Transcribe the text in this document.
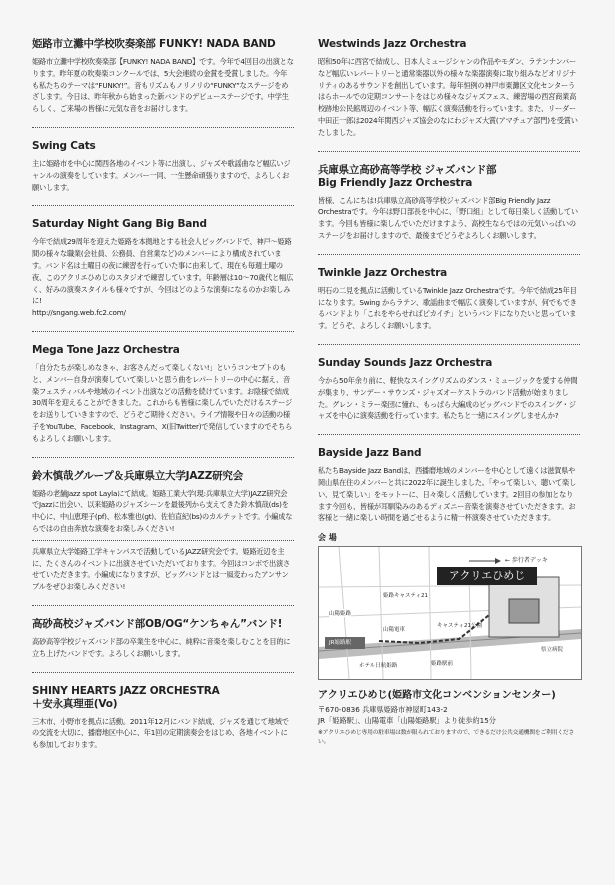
姫路市立灘中学校吹奏楽部 FUNKY! NADA BAND

姫路市立灘中学校吹奏楽部【FUNKY! NADA BAND】です。今年で4回目の出演となります。昨年夏の吹奏楽コンクールでは、5大会連続の金賞を受賞しました。今年も私たちのテーマは“FUNKY!”。音もリズムもノリノリの“FUNKY”なステージをめざします。今日は、昨年秋から始まった新バンドのデビューステージです。中学生らしく、ご来場の皆様に元気な音をお届けします。

Swing Cats

主に姫路市を中心に関西各地のイベント等に出演し、ジャズや歌謡曲など幅広いジャンルの演奏をしています。メンバー一同、一生懸命頑張りますので、よろしくお願いします。

Saturday Night Gang Big Band

今年で結成29周年を迎えた姫路を本拠地とする社会人ビッグバンドで、神戸〜姫路間の様々な職業(会社員、公務員、自営業など)のメンバーにより構成されています。バンド名は土曜日の夜に練習を行っていた事に由来して、現在も毎週土曜の夜、このアクリエひめじのスタジオで練習しています。年齢層は10〜70歳代と幅広く、好みの演奏スタイルも様々ですが、今回はどのような演奏になるのかお楽しみに!

http://sngang.web.fc2.com/

Mega Tone Jazz Orchestra

「自分たちが楽しめなきゃ、お客さんだって楽しくない!」というコンセプトのもと、メンバー自身が演奏していて楽しいと思う曲をレパートリーの中心に据え、音楽フェスティバルや地域のイベント出演などの活動を続けています。お陰様で結成30周年を迎えることができました。これからも皆様に楽しんでいただけるステージをお送りしていきますので、どうぞご期待ください。ライブ情報や日々の活動の様子をYouTube、Facebook、Instagram、X(旧Twitter)で発信していますのでそちらもよろしくお願いします。

鈴木慎哉グループ＆兵庫県立大学JAZZ研究会

姫路の老舗Jazz spot Laylaにて結成。姫路工業大学(現:兵庫県立大学)JAZZ研究会でJazzに出会い、以来姫路のジャズシーンを最後列から支えてきた鈴木慎哉(ds)を中心に、中山恵理子(pf)、松本雅也(gt)、佐伯直紀(bs)のカルテットです。小編成ならではの自由奔放な演奏をお楽しみください!

兵庫県立大学姫路工学キャンパスで活動しているJAZZ研究会です。姫路近辺を主に、たくさんのイベントに出演させていただいております。今回はコンボで出演させていただきます。小編成になりますが、ビッグバンドとは一風変わったアンサンブルをぜひお楽しみください!

高砂高校ジャズバンド部OB/OG“ケンちゃん”バンド!

高砂高等学校ジャズバンド部の卒業生を中心に、純粋に音楽を楽しむことを目的に立ち上げたバンドです。よろしくお願いします。

SHINY HEARTS JAZZ ORCHESTRA
＋安永真理亜(Vo)

三木市、小野市を拠点に活動。2011年12月にバンド結成、ジャズを通じて地域での交流を大切に、播磨地区中心に、年1回の定期演奏会をはじめ、各地イベントにも参加しております。

Westwinds Jazz Orchestra

昭和50年に西宮で結成し、日本人ミュージシャンの作品やモダン、ラテンナンバーなど幅広いレパートリーと通常楽器以外の様々な楽器演奏に取り組みなどオリジナリティのあるサウンドを創出しています。毎年恒例の神戸市東灘区文化センターうはらホールでの定期コンサートをはじめ様々なジャズフェス、練習場の西宮商業高校跡地公民館周辺のイベント等、幅広く演奏活動を行っています。また、リーダー中田正一郎は2024年関西ジャズ協会のなにわジャズ大賞(アマチュア部門)を受賞いたしました。

兵庫県立高砂高等学校 ジャズバンド部
Big Friendly Jazz Orchestra

皆様、こんにちは!兵庫県立高砂高等学校ジャズバンド部Big Friendly Jazz Orchestraです。今年は野口部長を中心に、「野口組」として毎日楽しく活動しています。今回も皆様に楽しんでいただけますよう、高校生ならではの元気いっぱいのステージをお届けしますので、最後までどうぞよろしくお願いします。

Twinkle Jazz Orchestra

明石の二見を拠点に活動しているTwinkle Jazz Orchestraです。今年で結成25年目になります。Swing からラテン、歌謡曲まで幅広く演奏していますが、何でもできるバンドより「これをやらせればピカイチ」というバンドになりたいと思っています。どうぞ、よろしくお願いします。

Sunday Sounds Jazz Orchestra

今から50年余り前に、軽快なスイングリズムのダンス・ミュージックを愛する仲間が集まり、サンデー・サウンズ・ジャズオーケストラのバンド活動が始まりました。グレン・ミラー楽団に憧れ、もっぱら大編成のビッグバンドでのスイング・ジャズを中心に演奏活動を行っています。私たちと一緒にスイングしませんか?

Bayside Jazz Band

私たちBayside Jazz Bandは、西播磨地域のメンバーを中心として遠くは滋賀県や岡山県在住のメンバーと共に2022年に誕生しました。「やって楽しい、聴いて楽しい、見て楽しい」をモットーに、日々楽しく活動しています。2回目の参加となります今回も、皆様が耳馴染みのあるディズニー音楽を演奏させていただきます。お客様と一緒に楽しい時間を過ごせるように精一杯演奏させていただきます。

会 場
アクリエひめじ
← 歩行者デッキ
姫路キャスティ21
山陽姫路
JR姫路駅
山陽電車
キャスティ21公園
ホテル日航姫路	姫路駅前
県立病院
アクリエひめじ(姫路市文化コンベンションセンター)
〒670-0836 兵庫県姫路市神屋町143-2
JR「姫路駅」、山陽電車「山陽姫路駅」より徒歩約15分
※アクリエひめじ専用の駐車場は数が限られておりますので、できるだけ公共交通機関をご利用ください。
